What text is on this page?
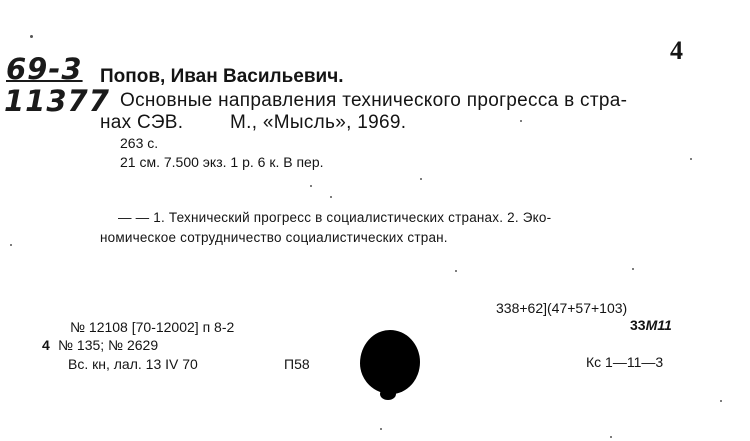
4
69-3
11377
Попов, Иван Васильевич.
Основные направления технического прогресса в стра-
нах СЭВ. М., «Мысль», 1969.
263 с.
21 см. 7.500 экз. 1 р. 6 к. В пер.
— — 1. Технический прогресс в социалистических странах. 2. Эко-
номическое сотрудничество социалистических стран.
338+62](47+57+103)
33М11
№ 12108 [70-12002] п 8-2
4 № 135; № 2629
Вс. кн, лал. 13 IV 70	П58	Кс 1—11—3
